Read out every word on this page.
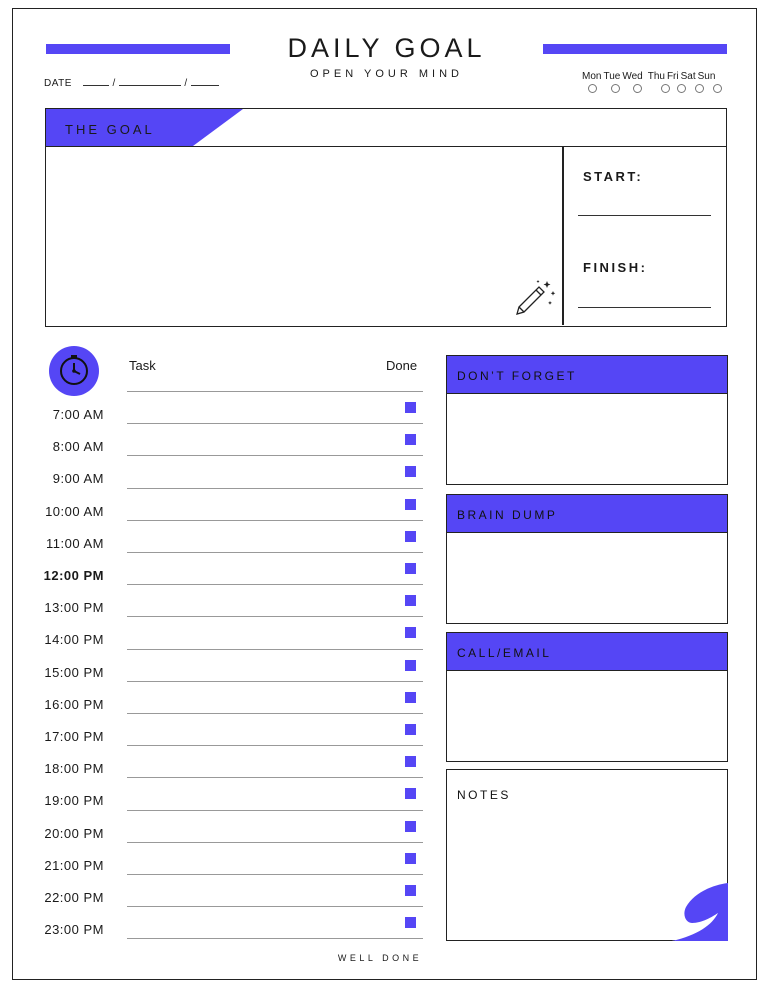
DAILY GOAL
OPEN YOUR MIND
DATE	/	/
Mon Tue Wed Thu Fri Sat Sun
THE GOAL
START:
FINISH:
Task	Done
7:00 AM
8:00 AM
9:00 AM
10:00 AM
11:00 AM
12:00 PM
13:00 PM
14:00 PM
15:00 PM
16:00 PM
17:00 PM
18:00 PM
19:00 PM
20:00 PM
21:00 PM
22:00 PM
23:00 PM
DON’T FORGET
BRAIN DUMP
CALL/EMAIL
NOTES
WELL DONE
